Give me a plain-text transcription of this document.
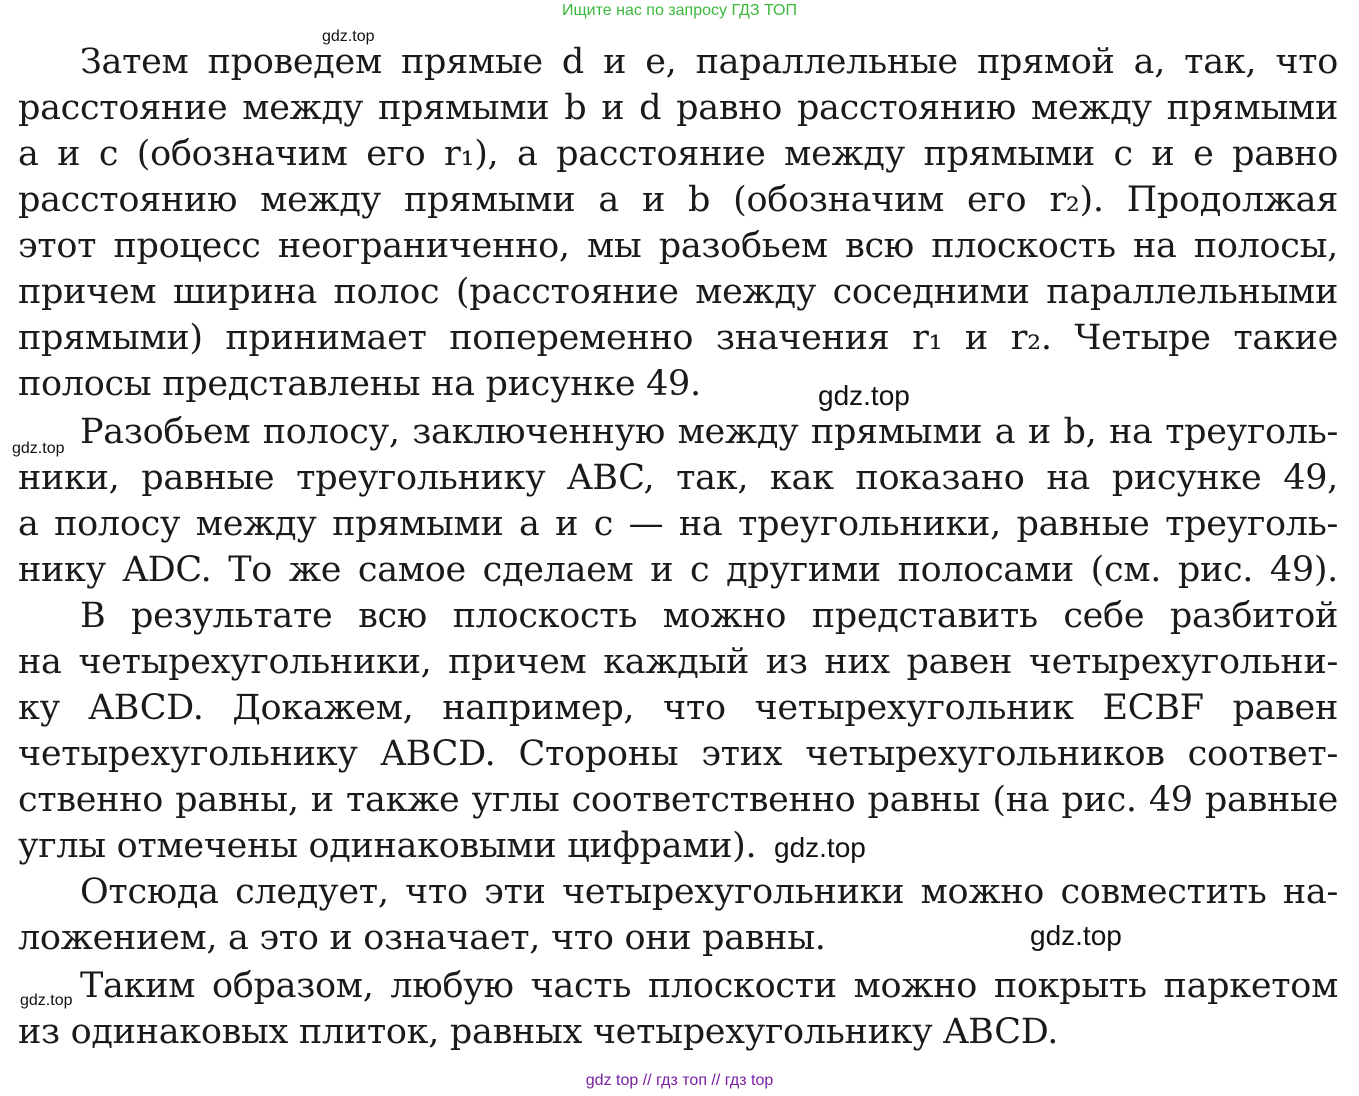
Ищите нас по запросу ГДЗ ТОП
Затем проведем прямые d и e, параллельные прямой a, так, что
расстояние между прямыми b и d равно расстоянию между прямыми
a и c (обозначим его r₁), а расстояние между прямыми c и e равно
расстоянию между прямыми a и b (обозначим его r₂). Продолжая
этот процесс неограниченно, мы разобьем всю плоскость на полосы,
причем ширина полос (расстояние между соседними параллельными
прямыми) принимает попеременно значения r₁ и r₂. Четыре такие
полосы представлены на рисунке 49.
Разобьем полосу, заключенную между прямыми a и b, на треуголь-
ники, равные треугольнику ABC, так, как показано на рисунке 49,
а полосу между прямыми a и c — на треугольники, равные треуголь-
нику ADC. То же самое сделаем и с другими полосами (см. рис. 49).
В результате всю плоскость можно представить себе разбитой
на четырехугольники, причем каждый из них равен четырехугольни-
ку ABCD. Докажем, например, что четырехугольник ECBF равен
четырехугольнику ABCD. Стороны этих четырехугольников соответ-
ственно равны, и также углы соответственно равны (на рис. 49 равные
углы отмечены одинаковыми цифрами).
Отсюда следует, что эти четырехугольники можно совместить на-
ложением, а это и означает, что они равны.
Таким образом, любую часть плоскости можно покрыть паркетом
из одинаковых плиток, равных четырехугольнику ABCD.
gdz.top
gdz.top
gdz.top
gdz.top
gdz.top
gdz.top
gdz top // гдз топ // гдз top
